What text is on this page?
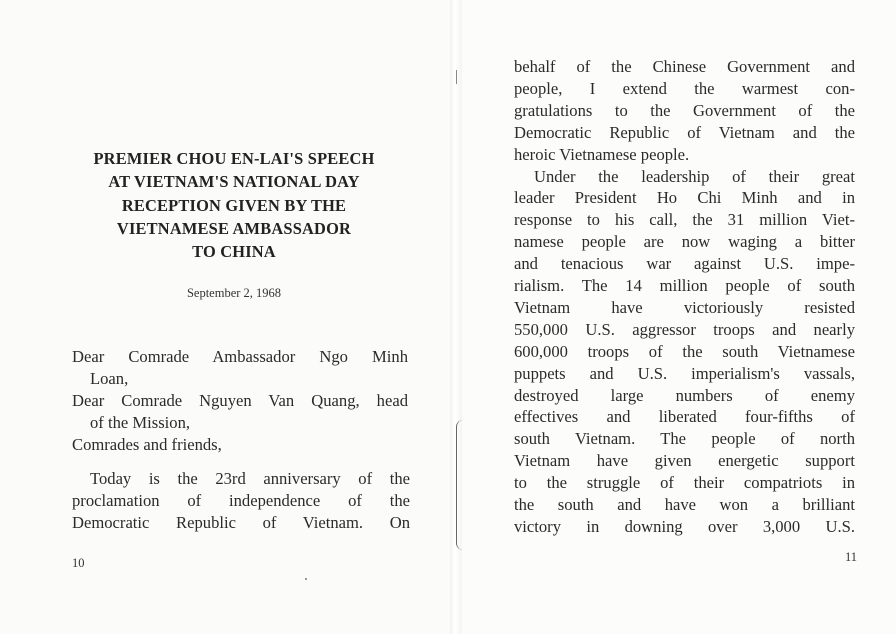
PREMIER CHOU EN-LAI'S SPEECH
AT VIETNAM'S NATIONAL DAY
RECEPTION GIVEN BY THE
VIETNAMESE AMBASSADOR
TO CHINA
September 2, 1968
Dear Comrade Ambassador Ngo Minh
Loan,
Dear Comrade Nguyen Van Quang, head
of the Mission,
Comrades and friends,
Today is the 23rd anniversary of the
proclamation of independence of the
Democratic Republic of Vietnam. On
10
behalf of the Chinese Government and
people, I extend the warmest con-
gratulations to the Government of the
Democratic Republic of Vietnam and the
heroic Vietnamese people.
Under the leadership of their great
leader President Ho Chi Minh and in
response to his call, the 31 million Viet-
namese people are now waging a bitter
and tenacious war against U.S. impe-
rialism. The 14 million people of south
Vietnam have victoriously resisted
550,000 U.S. aggressor troops and nearly
600,000 troops of the south Vietnamese
puppets and U.S. imperialism's vassals,
destroyed large numbers of enemy
effectives and liberated four-fifths of
south Vietnam. The people of north
Vietnam have given energetic support
to the struggle of their compatriots in
the south and have won a brilliant
victory in downing over 3,000 U.S.
11
